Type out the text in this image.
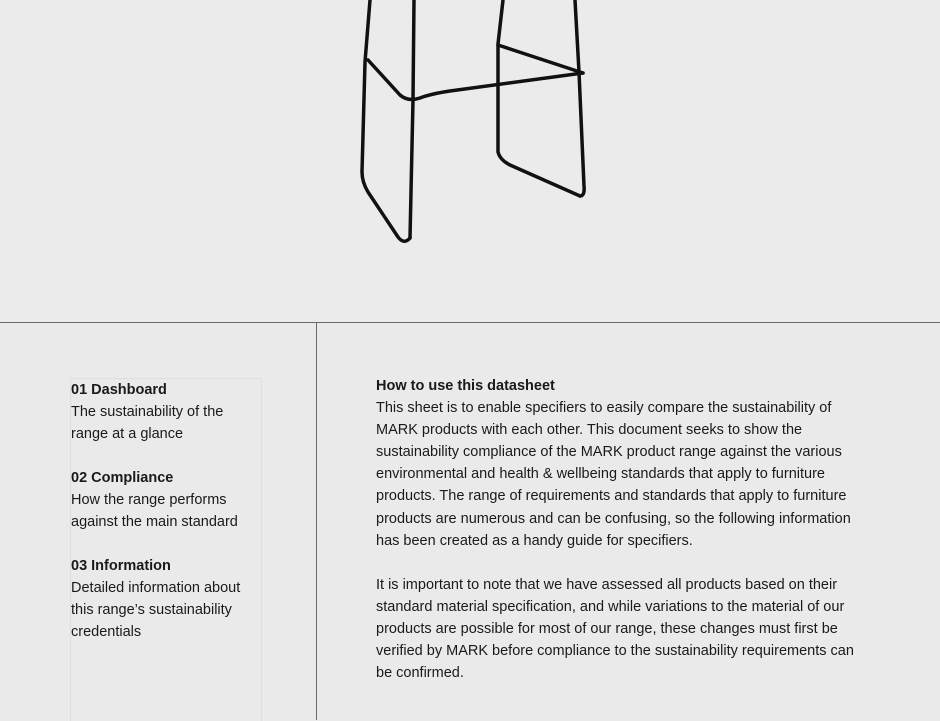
01 Dashboard
The sustainability of the range at a glance
02 Compliance
How the range performs against the main standard
03 Information
Detailed information about this range’s sustainability credentials
How to use this datasheet

This sheet is to enable specifiers to easily compare the sustainability of MARK products with each other. This document seeks to show the sustainability compliance of the MARK product range against the various environmental and health & wellbeing standards that apply to furniture products. The range of requirements and standards that apply to furniture products are numerous and can be confusing, so the following information has been created as a handy guide for specifiers.

It is important to note that we have assessed all products based on their standard material specification, and while variations to the material of our products are possible for most of our range, these changes must first be verified by MARK before compliance to the sustainability requirements can be confirmed.
